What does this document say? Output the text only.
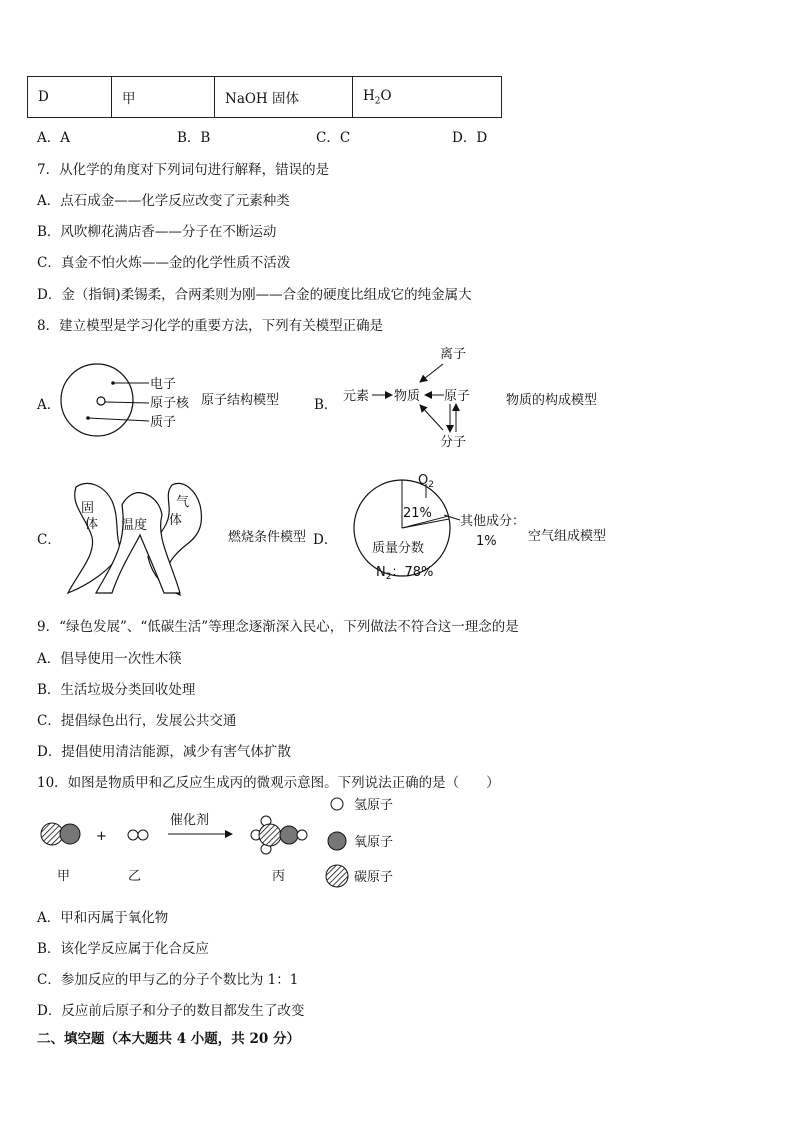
D	甲	NaOH 固体	$H_2O$
A．A	B．B	C．C	D．D
7．从化学的角度对下列词句进行解释，错误的是
A．点石成金——化学反应改变了元素种类
B．风吹柳花满店香——分子在不断运动
C．真金不怕火炼——金的化学性质不活泼
D．金（指铜)柔锡柔，合两柔则为刚——合金的硬度比组成它的纯金属大
8．建立模型是学习化学的重要方法，下列有关模型正确是
A．
电子
原子核
质子
原子结构模型	B．
元素 物质 原子
离子
分子
物质的构成模型
C．
固
体
气
体
温度
燃烧条件模型 D．
$O_2$
21%
其他成分：
1%
质量分数
$N_2$：78%
空气组成模型
9．“绿色发展”、“低碳生活”等理念逐渐深入民心，下列做法不符合这一理念的是
A．倡导使用一次性木筷
B．生活垃圾分类回收处理
C．提倡绿色出行，发展公共交通
D．提倡使用清洁能源，减少有害气体扩散
10．如图是物质甲和乙反应生成丙的微观示意图。下列说法正确的是（　　）
+
催化剂
甲	乙	丙
氢原子
氧原子
碳原子
A．甲和丙属于氧化物
B．该化学反应属于化合反应
C．参加反应的甲与乙的分子个数比为 1：1
D．反应前后原子和分子的数目都发生了改变
二、填空题（本大题共 4 小题，共 20 分）
